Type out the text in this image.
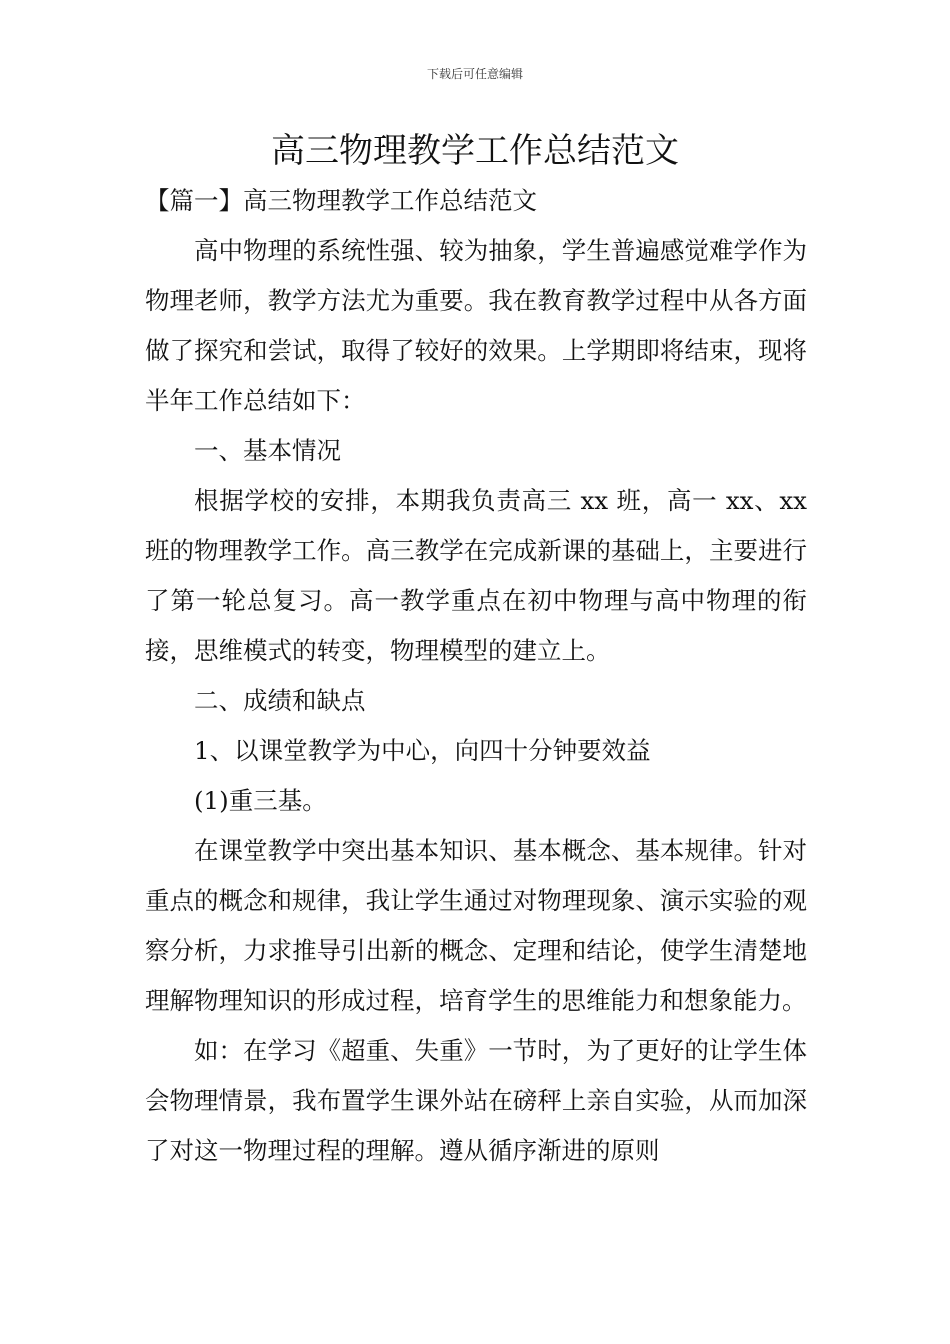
下载后可任意编辑
高三物理教学工作总结范文

【篇一】高三物理教学工作总结范文

高中物理的系统性强、较为抽象，学生普遍感觉难学作为物理老师，教学方法尤为重要。我在教育教学过程中从各方面做了探究和尝试，取得了较好的效果。上学期即将结束，现将半年工作总结如下：

一、基本情况

根据学校的安排，本期我负责高三 xx 班，高一 xx、xx 班的物理教学工作。高三教学在完成新课的基础上，主要进行了第一轮总复习。高一教学重点在初中物理与高中物理的衔接，思维模式的转变，物理模型的建立上。

二、成绩和缺点

1、以课堂教学为中心，向四十分钟要效益

(1)重三基。

在课堂教学中突出基本知识、基本概念、基本规律。针对重点的概念和规律，我让学生通过对物理现象、演示实验的观察分析，力求推导引出新的概念、定理和结论，使学生清楚地理解物理知识的形成过程，培育学生的思维能力和想象能力。

如：在学习《超重、失重》一节时，为了更好的让学生体会物理情景，我布置学生课外站在磅秤上亲自实验，从而加深了对这一物理过程的理解。遵从循序渐进的原则
